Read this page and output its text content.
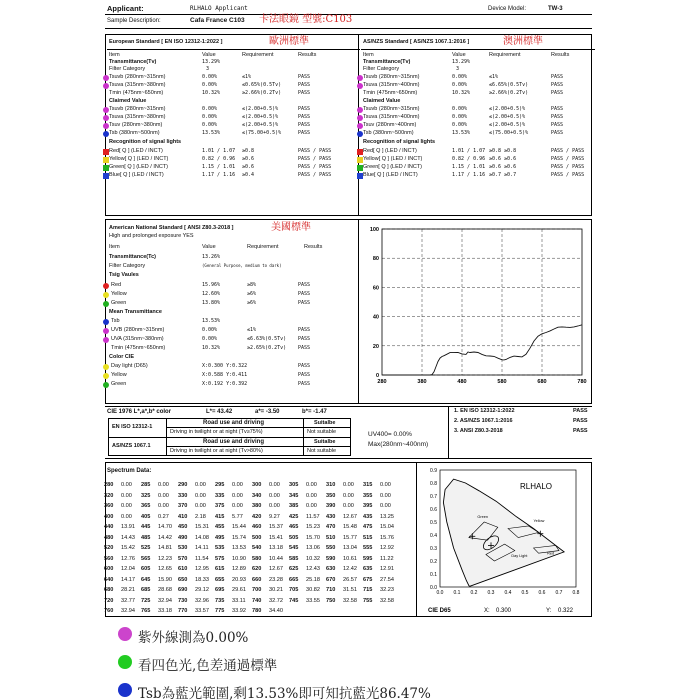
Applicant:	RLHALO Applicant	Device Model:	TW-3
Sample Description:	Cafa France C103 卡法眼鏡 型號:C103
European Standard [ EN ISO 12312-1:2022 ]	歐洲標準
Item	Value	Requirement	Results
Transmittance(Tv)	13.29%
Filter Category	3
Tsuvb (280nm~315nm)	0.00%	≤1%	PASS
Tsuva (315nm~380nm)	0.00%	≤0.65%(0.5Tv)	PASS
Tmin (475nm~650nm)	10.32%	≥2.66%(0.2Tv)	PASS
Claimed Value
Tsuvb (280nm~315nm)	0.00%	≤(2.00+0.5)%	PASS
Tsuva (315nm~380nm)	0.00%	≤(2.00+0.5)%	PASS
Tsuv (280nm~380nm)	0.00%	≤(2.00+0.5)%	PASS
Tsb (380nm~500nm)	13.53%	≤(75.00+0.5)%	PASS
Recognition of signal lights
Red[ Q ] (LED / INCT)	1.01 / 1.07 ≥0.8	PASS / PASS
Yellow[ Q ] (LED / INCT)	0.82 / 0.96 ≥0.6	PASS / PASS
Green[ Q ] (LED / INCT)	1.15 / 1.01 ≥0.6	PASS / PASS
Blue[ Q ] (LED / INCT)	1.17 / 1.16 ≥0.4	PASS / PASS
AS/NZS Standard [ AS/NZS 1067.1:2016 ]	澳洲標準
Item	Value	Requirement	Results
Transmittance(Tv)	13.29%
Filter Category	3
Tsuvb (280nm~315nm)	0.00%	≤1%	PASS
Tsuva (315nm~400nm)	0.00%	≤6.65%(0.5Tv)	PASS
Tmin (475nm~650nm)	10.32%	≥2.66%(0.2Tv)	PASS
Claimed Value
Tsuvb (280nm~315nm)	0.00%	≤(2.00+0.5)%	PASS
Tsuva (315nm~400nm)	0.00%	≤(2.00+0.5)%	PASS
Tsuv (280nm~400nm)	0.00%	≤(2.00+0.5)%	PASS
Tsb (380nm~500nm)	13.53%	≤(75.00+0.5)%	PASS
Recognition of signal lights
Red[ Q ] (LED / INCT)	1.01 / 1.07 ≥0.8 ≥0.8	PASS / PASS
Yellow[ Q ] (LED / INCT)	0.82 / 0.96 ≥0.6 ≥0.6	PASS / PASS
Green[ Q ] (LED / INCT)	1.15 / 1.01 ≥0.6 ≥0.6	PASS / PASS
Blue[ Q ] (LED / INCT)	1.17 / 1.16 ≥0.7 ≥0.7	PASS / PASS
American National Standard [ ANSI Z80.3-2018 ]	美國標準
High and prolonged exposure YES
Item	Value	Requirement	Results
Transmittance(Tc)	13.26%
Filter Category	(General Purpose, medium to dark)
Tsig Vaules
Red	15.96%	≥8%	PASS
Yellow	12.60%	≥6%	PASS
Green	13.80%	≥6%	PASS
Mean Transmittance
Tsb	13.53%
UVB (280nm~315nm)	0.00%	≤1%	PASS
UVA (315nm~380nm)	0.00%	≤6.63%(0.5Tv) PASS
Tmin (475nm~650nm)	10.32%	≥2.65%(0.2Tv) PASS
Color CIE
Day light (D65)	X:0.300 Y:0.322	PASS
Yellow	X:0.588 Y:0.411	PASS
Green	X:0.192 Y:0.392	PASS
0
20
40
60
80
100
280	380	480	580	680	780
CIE 1976 L*,a*,b* color	L*= 43.42	a*= -3.50	b*= -1.47
EN ISO 12312-1
AS/NZS 1067.1
Road use and driving	Suitalbe
Driving in twilight or at night (Tv≥75%)	Not suitable
Road use and driving	Suitalbe
Driving in twilight or at night (Tv>80%)	Not suitable
UV400= 0.00%
Max(280nm~400nm)
1. EN ISO 12312-1:2022	PASS
2. AS/NZS 1067.1:2016	PASS
3. ANSI Z80.3-2018	PASS
Spectrum Data:
280 0.00 285 0.00 290 0.00 295 0.00 300 0.00 305 0.00 310 0.00 315 0.00
320 0.00 325 0.00 330 0.00 335 0.00 340 0.00 345 0.00 350 0.00 355 0.00
360 0.00 365 0.00 370 0.00 375 0.00 380 0.00 385 0.00 390 0.00 395 0.00
400 0.00 405 0.27 410 2.18 415 5.77 420 9.27 425 11.57 430 12.67 435 13.25
440 13.91 445 14.70 450 15.31 455 15.44 460 15.37 465 15.23 470 15.48 475 15.04
480 14.43 485 14.42 490 14.08 495 15.74 500 15.41 505 15.70 510 15.77 515 15.76
520 15.42 525 14.81 530 14.11 535 13.53 540 13.18 545 13.06 550 13.04 555 12.92
560 12.76 565 12.23 570 11.54 575 10.90 580 10.44 585 10.32 590 10.61 595 11.22
600 12.04 605 12.65 610 12.95 615 12.89 620 12.67 625 12.43 630 12.42 635 12.91
640 14.17 645 15.90 650 18.33 655 20.93 660 23.28 665 25.18 670 26.57 675 27.54
680 28.21 685 28.68 690 29.12 695 29.61 700 30.21 705 30.82 710 31.51 715 32.23
720 32.77 725 32.94 730 32.96 735 33.11 740 32.72 745 33.55 750 32.58 755 32.58
760 32.94 765 33.18 770 33.57 775 33.92 780 34.40
0.9
0.8
0.7
0.6
0.5
0.4
0.3
0.2
0.1
0.0
0.0 0.1 0.2 0.3 0.4 0.5 0.6 0.7 0.8
Green
Yellow
Day Light
Red
RLHALO
CIE D65	X: 0.300	Y: 0.322
紫外線測為0.00%
看四色光,色差通過標準
Tsb為藍光範圍,剩13.53%即可知抗藍光86.47%
